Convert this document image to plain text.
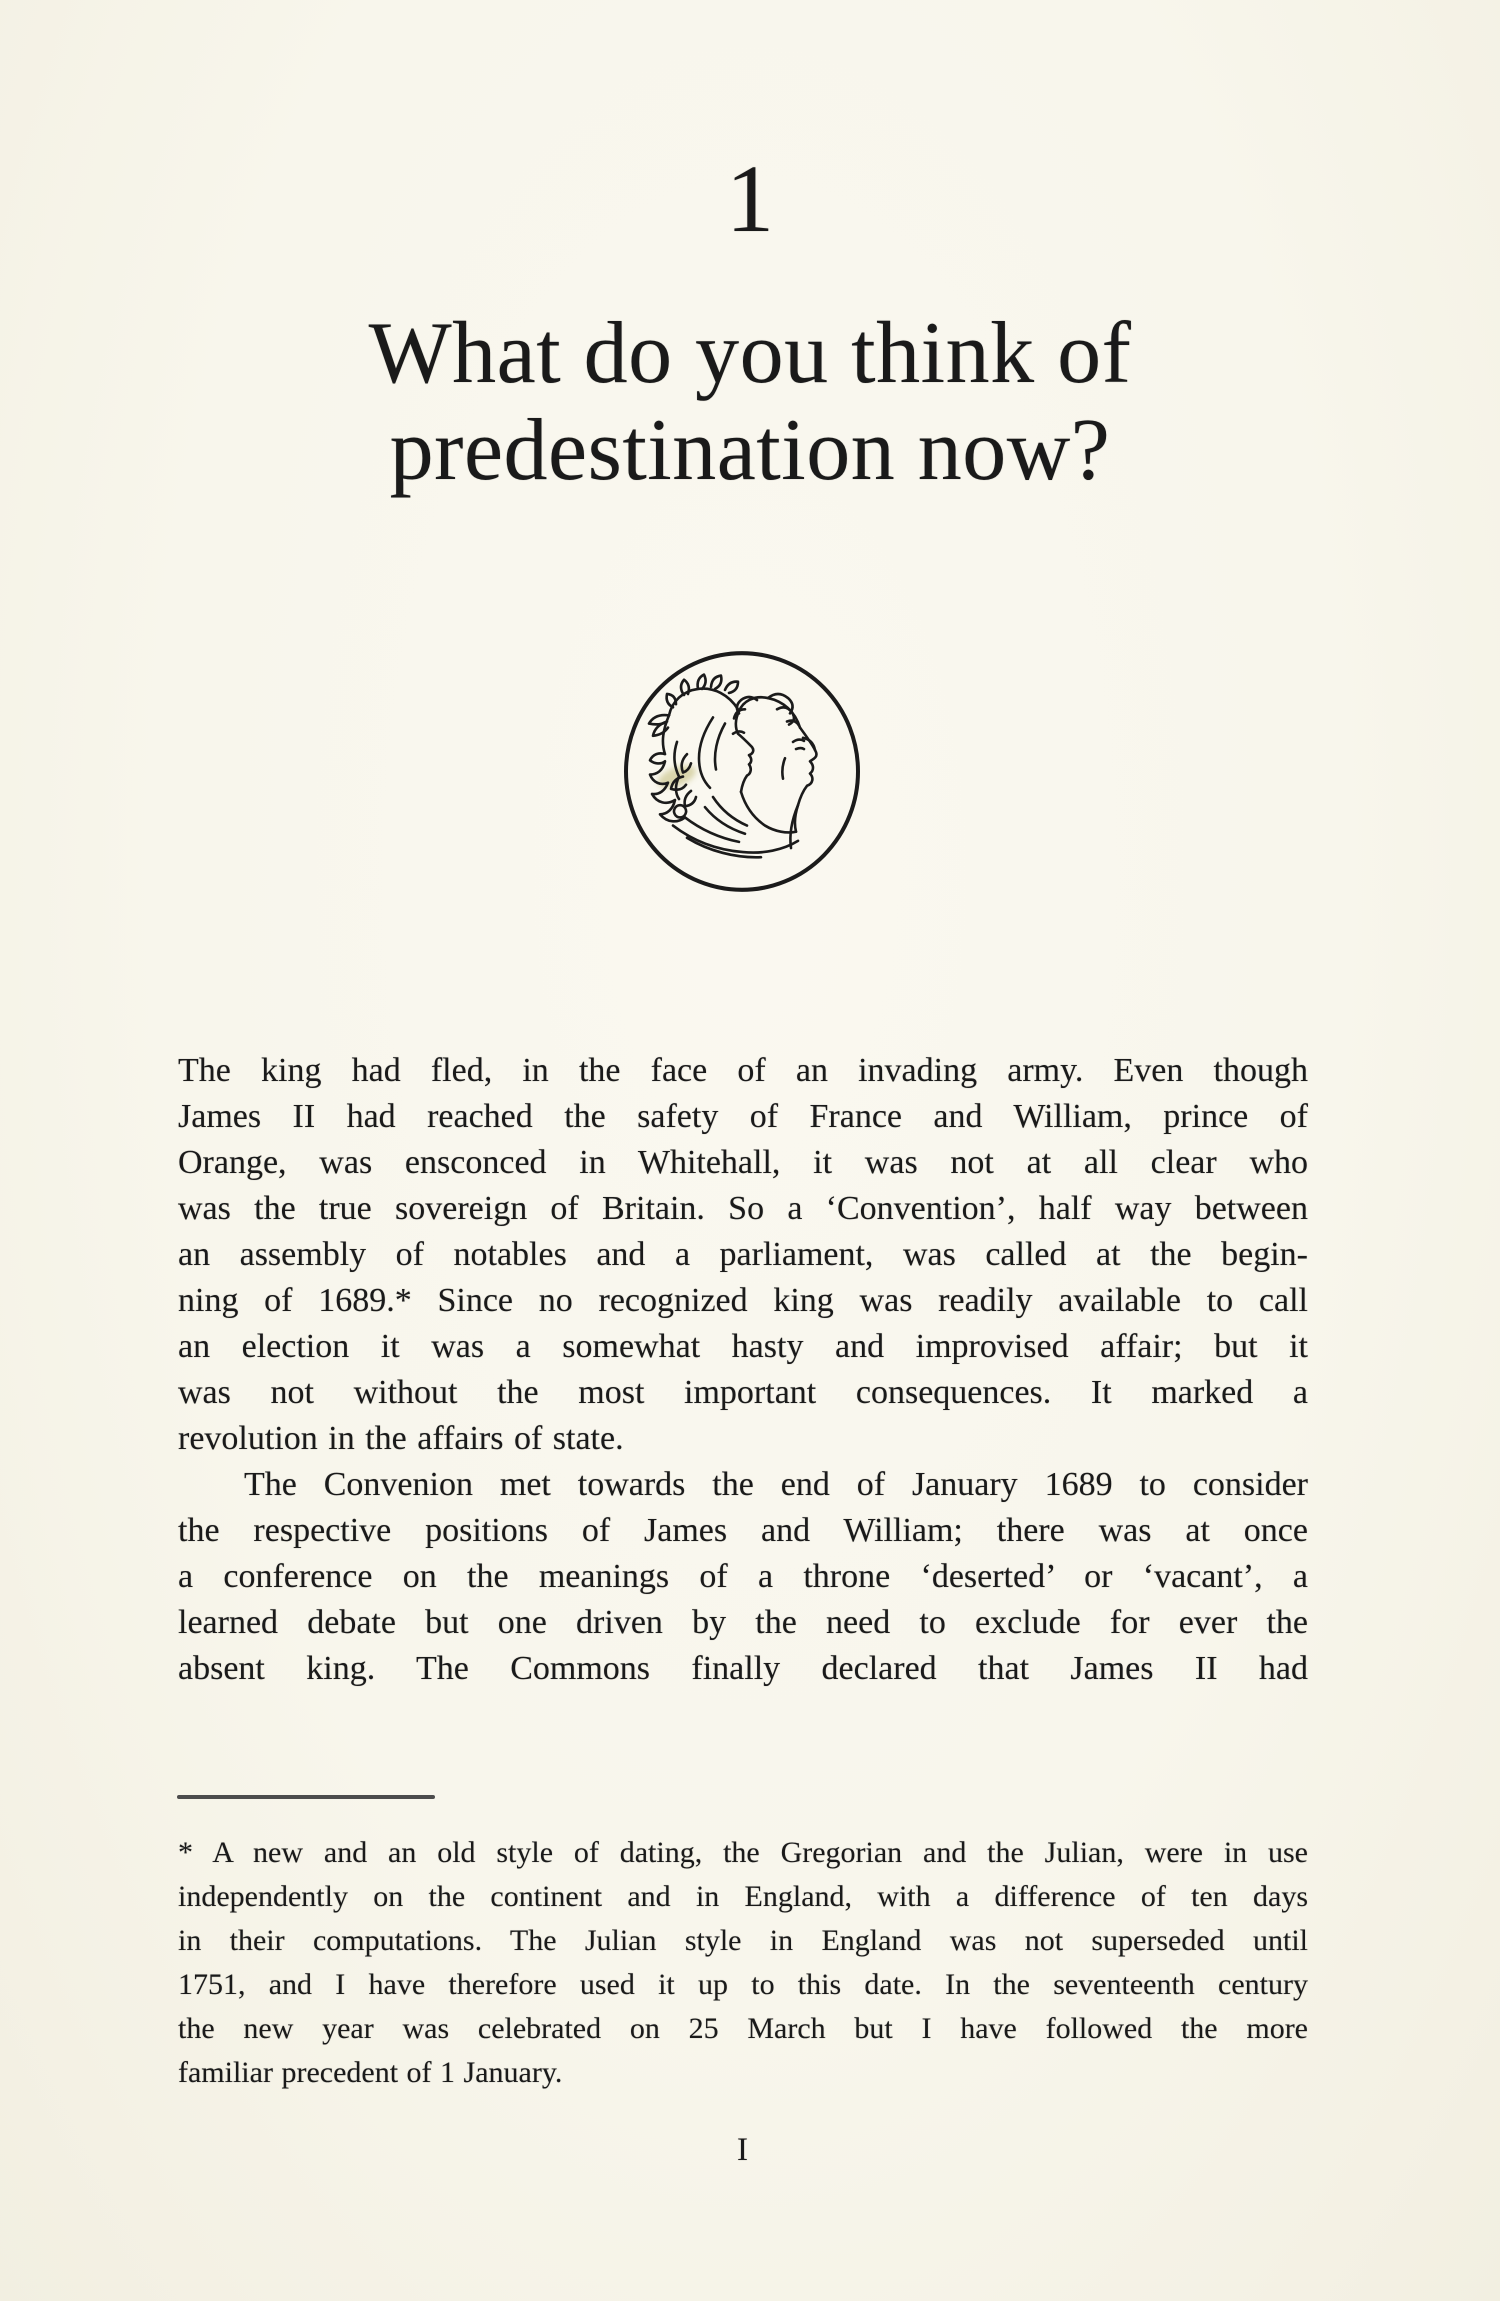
1
What do you think of
predestination now?
The king had fled, in the face of an invading army. Even though
James II had reached the safety of France and William, prince of
Orange, was ensconced in Whitehall, it was not at all clear who
was the true sovereign of Britain. So a ‘Convention’, half way between
an assembly of notables and a parliament, was called at the begin-
ning of 1689.* Since no recognized king was readily available to call
an election it was a somewhat hasty and improvised affair; but it
was not without the most important consequences. It marked a
revolution in the affairs of state.
The Convenion met towards the end of January 1689 to consider
the respective positions of James and William; there was at once
a conference on the meanings of a throne ‘deserted’ or ‘vacant’, a
learned debate but one driven by the need to exclude for ever the
absent king. The Commons finally declared that James II had
* A new and an old style of dating, the Gregorian and the Julian, were in use
independently on the continent and in England, with a difference of ten days
in their computations. The Julian style in England was not superseded until
1751, and I have therefore used it up to this date. In the seventeenth century
the new year was celebrated on 25 March but I have followed the more
familiar precedent of 1 January.
I
